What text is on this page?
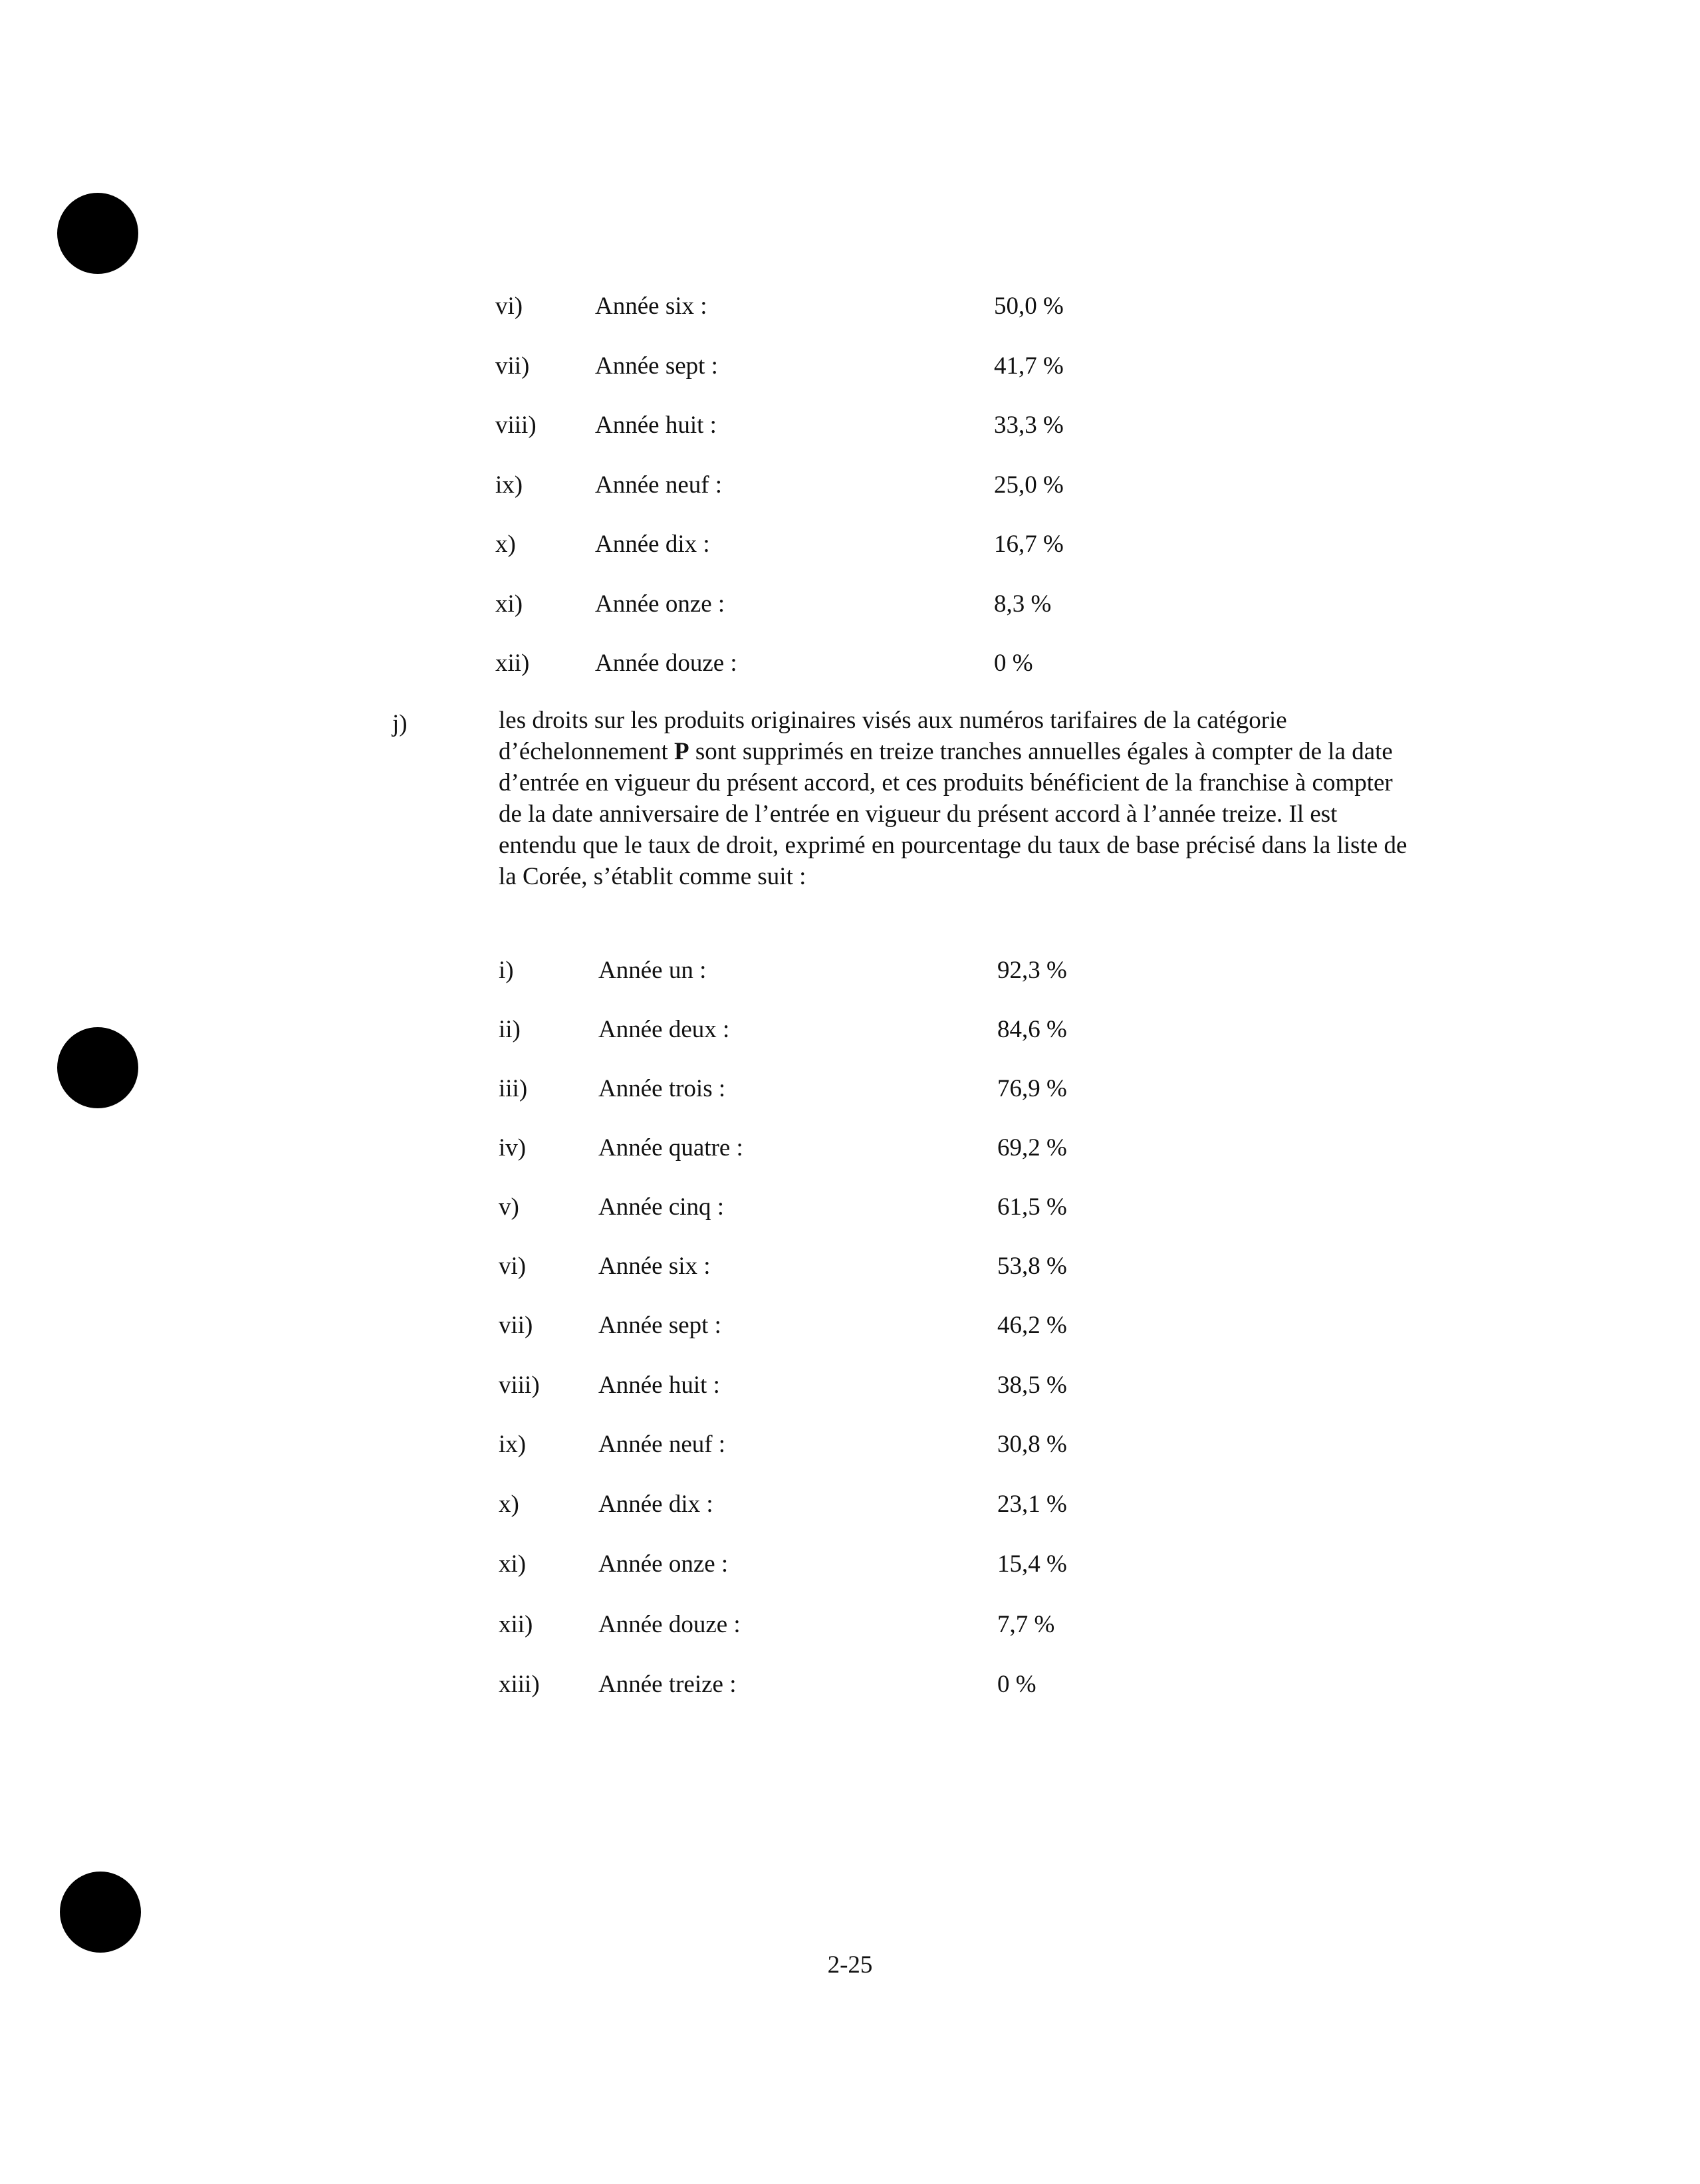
vi)	Année six :	50,0 %
vii)	Année sept :	41,7 %
viii) Année huit :	33,3 %
ix)	Année neuf :	25,0 %
x)	Année dix :	16,7 %
xi)	Année onze :	8,3 %
xii)	Année douze :	0 %
j)	les droits sur les produits originaires visés aux numéros tarifaires de la catégorie d’échelonnement P sont supprimés en treize tranches annuelles égales à compter de la date d’entrée en vigueur du présent accord, et ces produits bénéficient de la franchise à compter de la date anniversaire de l’entrée en vigueur du présent accord à l’année treize. Il est entendu que le taux de droit, exprimé en pourcentage du taux de base précisé dans la liste de la Corée, s’établit comme suit :
i)	Année un :	92,3 %
ii)	Année deux :	84,6 %
iii)	Année trois :	76,9 %
iv)	Année quatre :	69,2 %
v)	Année cinq :	61,5 %
vi)	Année six :	53,8 %
vii)	Année sept :	46,2 %
viii) Année huit :	38,5 %
ix)	Année neuf :	30,8 %
x)	Année dix :	23,1 %
xi)	Année onze :	15,4 %
xii)	Année douze :	7,7 %
xiii) Année treize :	0 %
2-25
